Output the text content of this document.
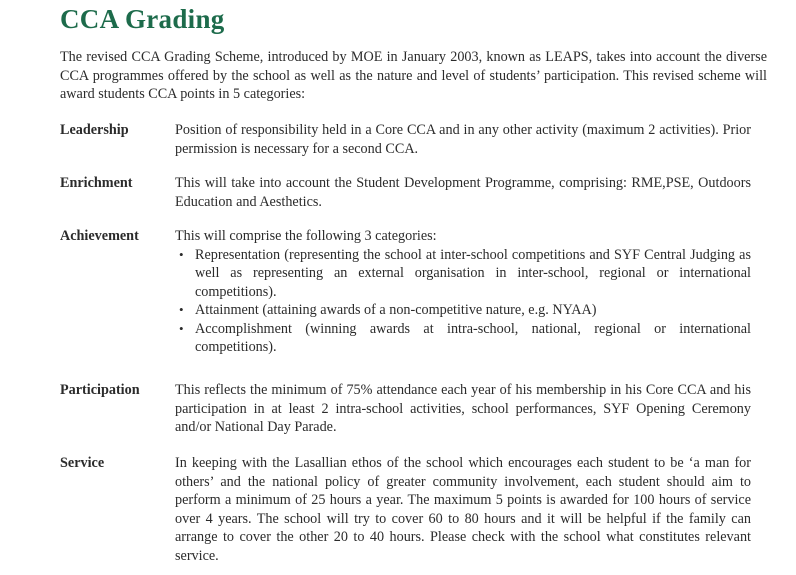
CCA Grading

The revised CCA Grading Scheme, introduced by MOE in January 2003, known as LEAPS, takes into account the diverse CCA programmes offered by the school as well as the nature and level of students’ participation. This revised scheme will award students CCA points in 5 categories:

Leadership	Position of responsibility held in a Core CCA and in any other activity (maximum 2 activities). Prior permission is necessary for a second CCA.

Enrichment	This will take into account the Student Development Programme, comprising: RME,PSE, Outdoors Education and Aesthetics.

Achievement	This will comprise the following 3 categories:
• Representation (representing the school at inter-school competitions and SYF Central Judging as well as representing an external organisation in inter-school, regional or international competitions).
• Attainment (attaining awards of a non-competitive nature, e.g. NYAA)
• Accomplishment (winning awards at intra-school, national, regional or international competitions).
Participation This reflects the minimum of 75% attendance each year of his membership in his Core CCA and his participation in at least 2 intra-school activities, school performances, SYF Opening Ceremony and/or National Day Parade.

Service	In keeping with the Lasallian ethos of the school which encourages each student to be ‘a man for others’ and the national policy of greater community involvement, each student should aim to perform a minimum of 25 hours a year. The maximum 5 points is awarded for 100 hours of service over 4 years. The school will try to cover 60 to 80 hours and it will be helpful if the family can arrange to cover the other 20 to 40 hours. Please check with the school what constitutes relevant service.
